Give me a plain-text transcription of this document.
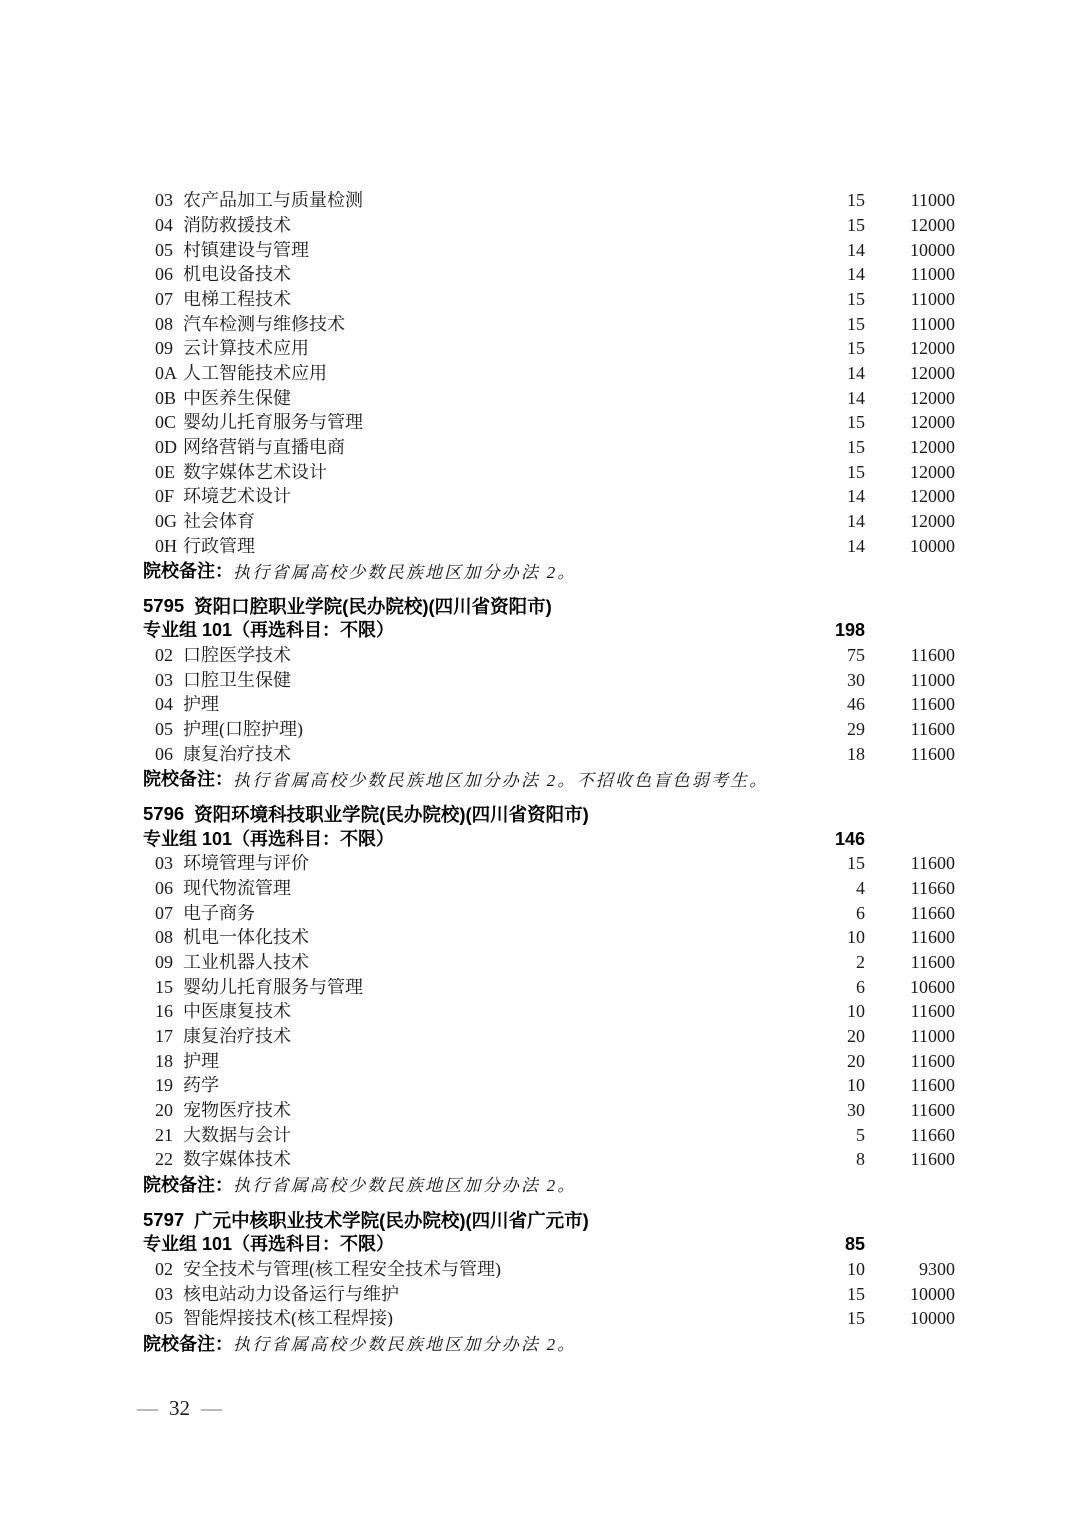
03 农产品加工与质量检测	15	11000
04 消防救援技术	15	12000
05 村镇建设与管理	14	10000
06 机电设备技术	14	11000
07 电梯工程技术	15	11000
08 汽车检测与维修技术	15	11000
09 云计算技术应用	15	12000
0A 人工智能技术应用	14	12000
0B 中医养生保健	14	12000
0C 婴幼儿托育服务与管理	15	12000
0D 网络营销与直播电商	15	12000
0E 数字媒体艺术设计	15	12000
0F 环境艺术设计	14	12000
0G 社会体育	14	12000
0H 行政管理	14	10000
院校备注： 执行省属高校少数民族地区加分办法 2。
5795 资阳口腔职业学院(民办院校)(四川省资阳市)
专业组 101（再选科目：不限）	198
02 口腔医学技术	75	11600
03 口腔卫生保健	30	11000
04 护理	46	11600
05 护理(口腔护理)	29	11600
06 康复治疗技术	18	11600
院校备注： 执行省属高校少数民族地区加分办法 2。不招收色盲色弱考生。
5796 资阳环境科技职业学院(民办院校)(四川省资阳市)
专业组 101（再选科目：不限）	146
03 环境管理与评价	15	11600
06 现代物流管理	4	11660
07 电子商务	6	11660
08 机电一体化技术	10	11600
09 工业机器人技术	2	11600
15 婴幼儿托育服务与管理	6	10600
16 中医康复技术	10	11600
17 康复治疗技术	20	11000
18 护理	20	11600
19 药学	10	11600
20 宠物医疗技术	30	11600
21 大数据与会计	5	11660
22 数字媒体技术	8	11600
院校备注： 执行省属高校少数民族地区加分办法 2。
5797 广元中核职业技术学院(民办院校)(四川省广元市)
专业组 101（再选科目：不限）	85
02 安全技术与管理(核工程安全技术与管理)	10	9300
03 核电站动力设备运行与维护	15	10000
05 智能焊接技术(核工程焊接)	15	10000
院校备注： 执行省属高校少数民族地区加分办法 2。
— 32 —
